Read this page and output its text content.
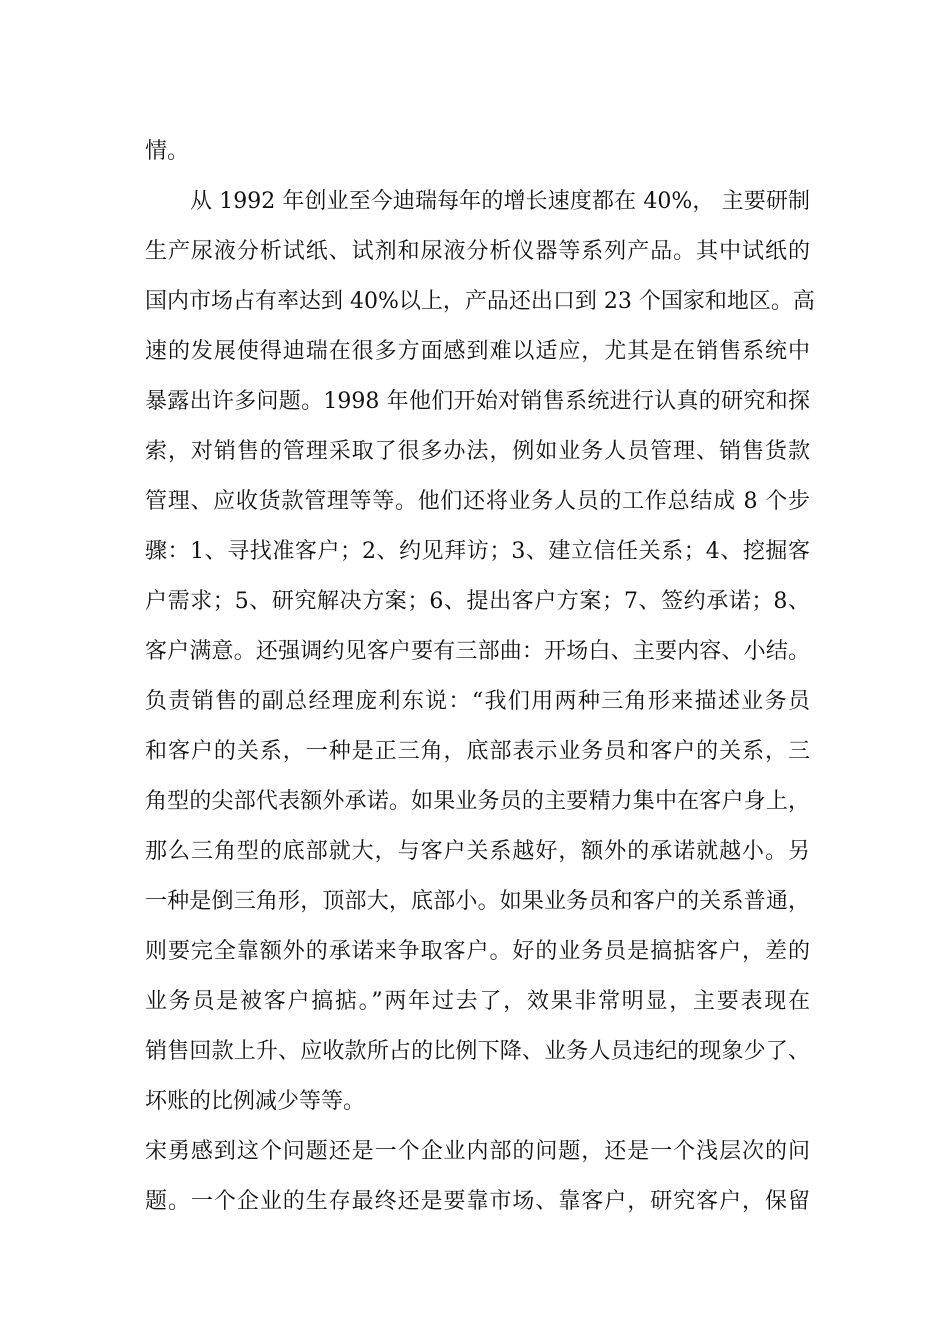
情。
从 1992 年创业至今迪瑞每年的增长速度都在 40%， 主要研制
生产尿液分析试纸、试剂和尿液分析仪器等系列产品。其中试纸的
国内市场占有率达到 40%以上，产品还出口到 23 个国家和地区。高
速的发展使得迪瑞在很多方面感到难以适应，尤其是在销售系统中
暴露出许多问题。1998 年他们开始对销售系统进行认真的研究和探
索，对销售的管理采取了很多办法，例如业务人员管理、销售货款
管理、应收货款管理等等。他们还将业务人员的工作总结成 8 个步
骤：1、寻找准客户；2、约见拜访；3、建立信任关系；4、挖掘客
户需求；5、研究解决方案；6、提出客户方案；7、签约承诺；8、
客户满意。还强调约见客户要有三部曲：开场白、主要内容、小结。
负责销售的副总经理庞利东说：“我们用两种三角形来描述业务员
和客户的关系，一种是正三角，底部表示业务员和客户的关系，三
角型的尖部代表额外承诺。如果业务员的主要精力集中在客户身上，
那么三角型的底部就大，与客户关系越好，额外的承诺就越小。另
一种是倒三角形，顶部大，底部小。如果业务员和客户的关系普通，
则要完全靠额外的承诺来争取客户。好的业务员是搞掂客户，差的
业务员是被客户搞掂。”两年过去了，效果非常明显，主要表现在
销售回款上升、应收款所占的比例下降、业务人员违纪的现象少了、
坏账的比例减少等等。
宋勇感到这个问题还是一个企业内部的问题，还是一个浅层次的问
题。一个企业的生存最终还是要靠市场、靠客户，研究客户，保留
